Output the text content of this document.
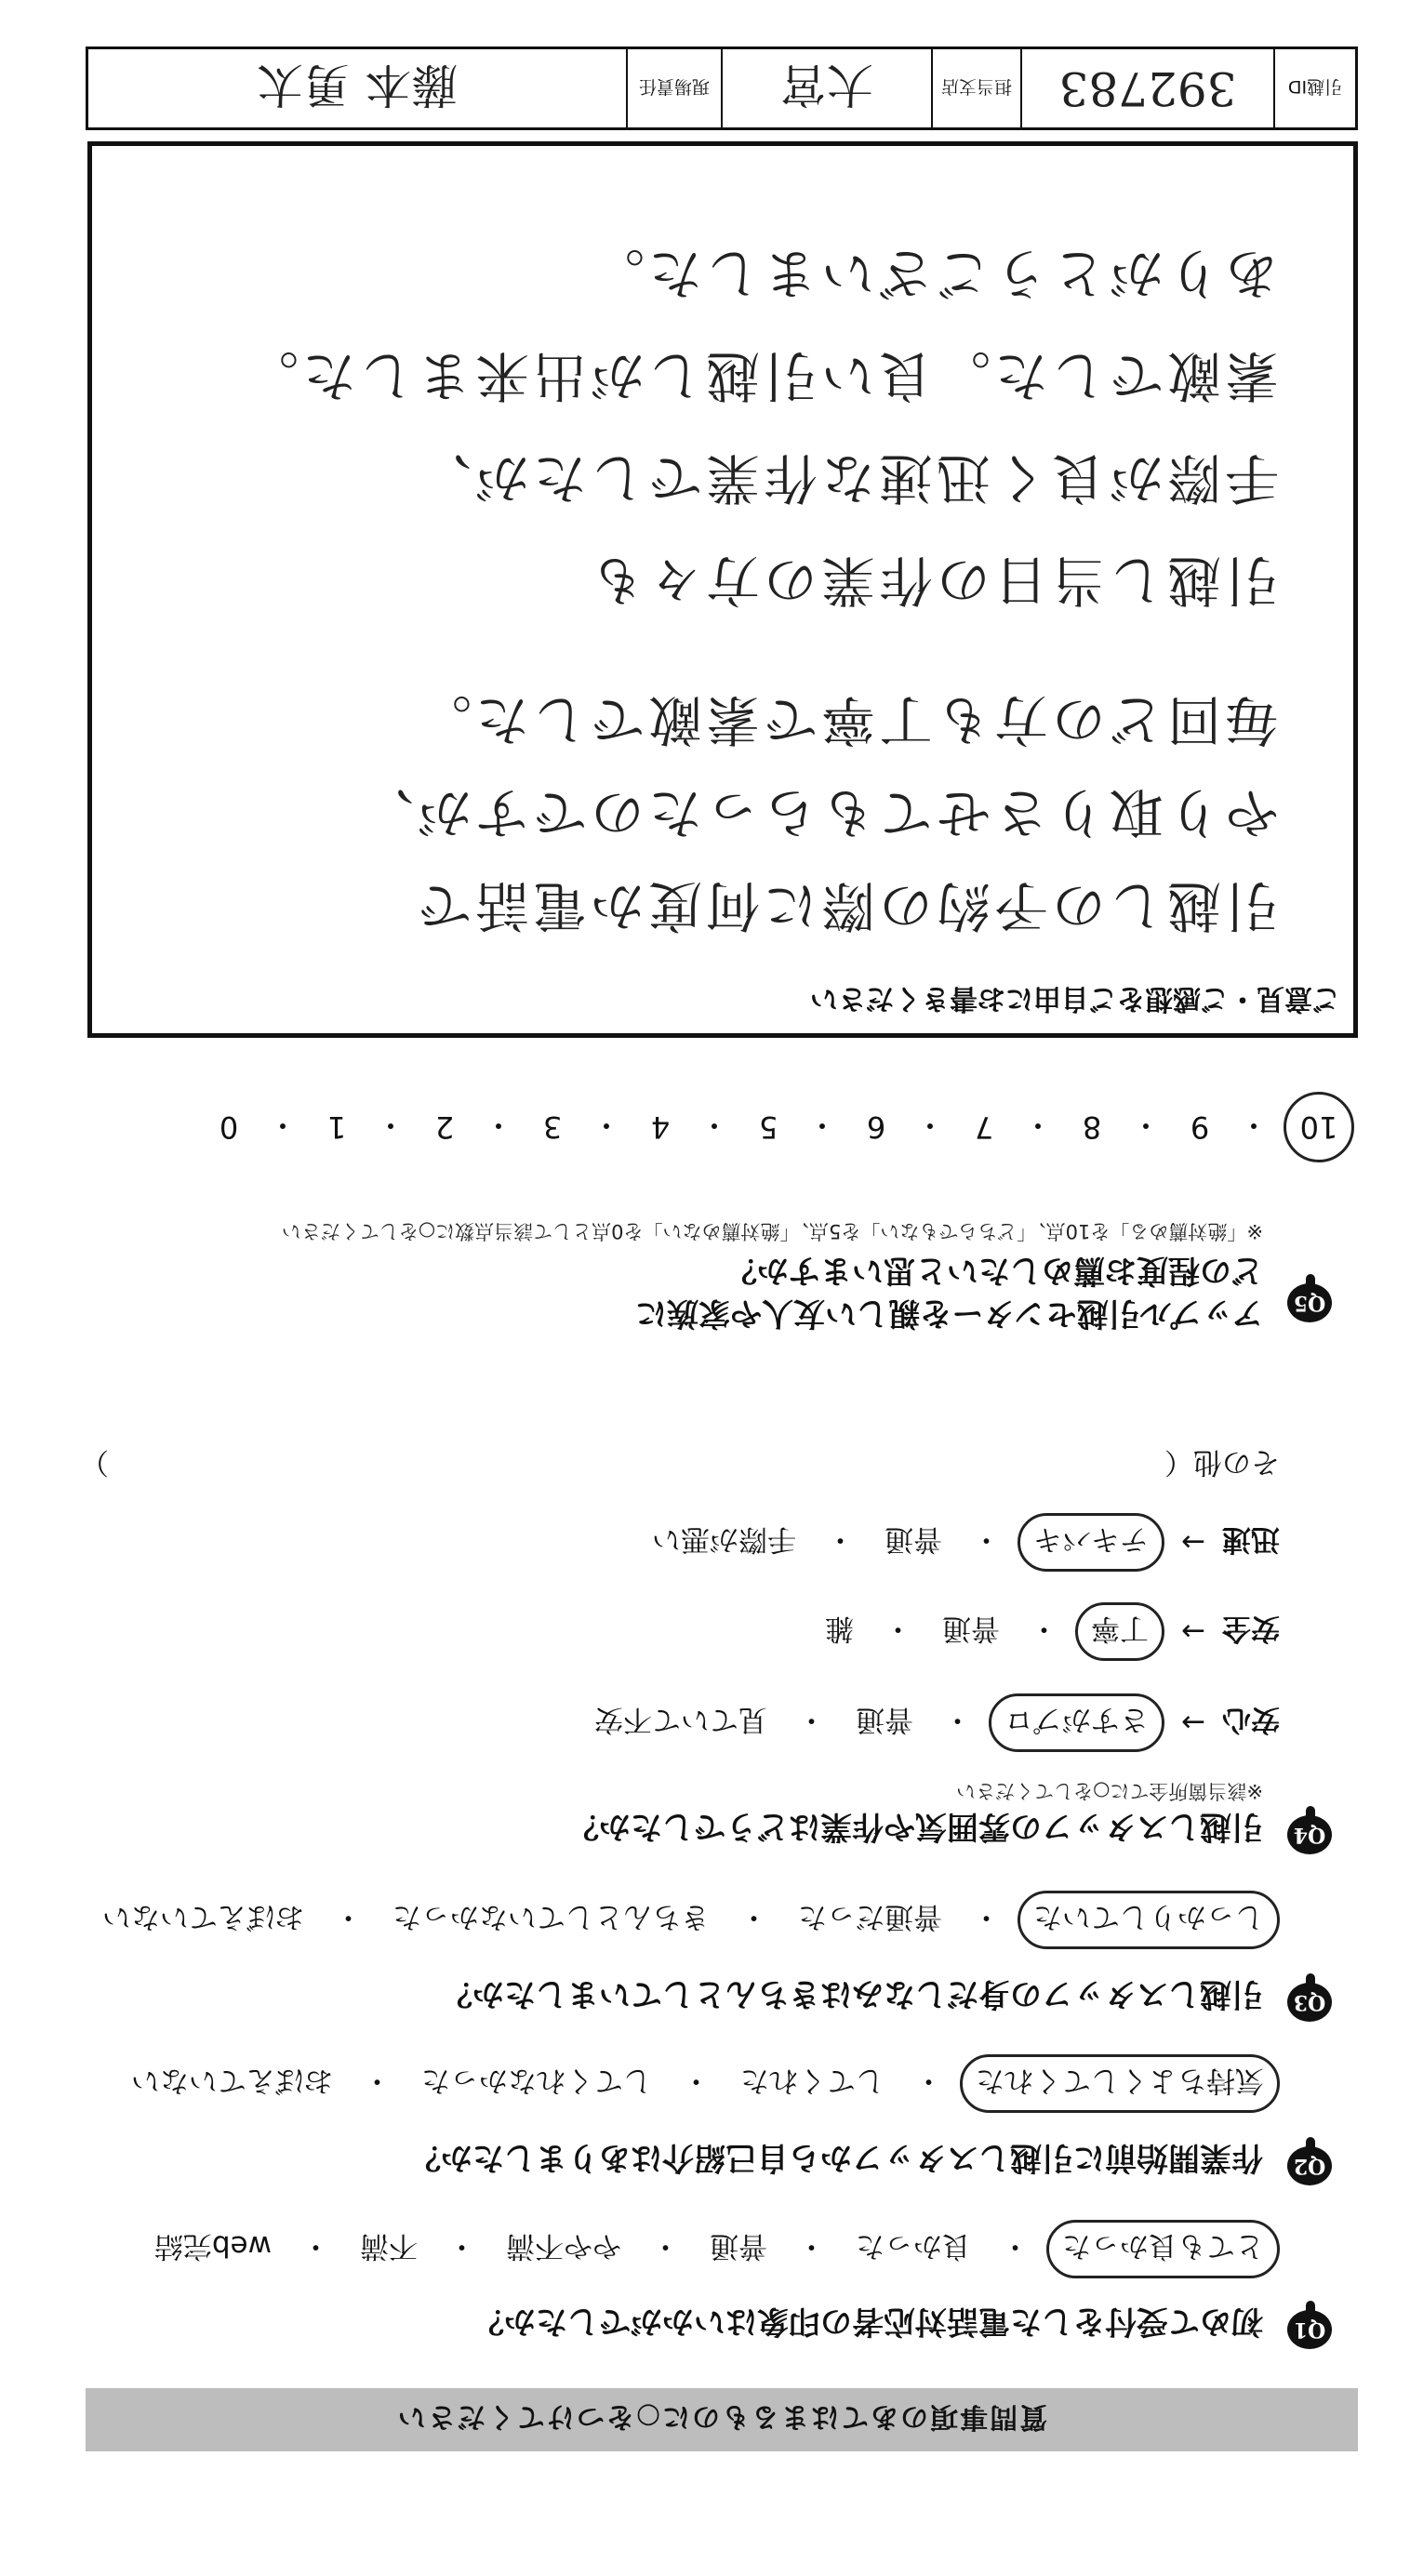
質問事項のあてはまるものに○をつけてください
Q1
初めて受付をした電話対応者の印象はいかがでしたか？
とても良かった
・
良かった
・
普通
・
やや不満
・
不満
・
web完結
Q2
作業開始前に引越しスタッフから自己紹介はありましたか？
気持ちよくしてくれた
・
してくれた
・
してくれなかった
・
おぼえていない
Q3
引越しスタッフの身だしなみはきちんとしていましたか？
しっかりしていた
・
普通だった
・
きちんとしていなかった
・
おぼえていない
Q4
引越しスタッフの雰囲気や作業はどうでしたか？
※該当箇所全てに○をしてください
安心
→
さすがプロ
・
普通
・
見ていて不安
安全
→
丁寧
・
普通
・
雑
迅速
→
テキパキ
・
普通
・
手際が悪い
その他（
）
Q5
アップル引越センターを親しい友人や家族に
どの程度お薦めしたいと思いますか？
※「絶対薦める」を10点、「どちらでもない」を5点、「絶対薦めない」を0点として該当点数に○をしてください
10
・
9
・
8
・
7
・
6
・
5
・
4
・
3
・
2
・
1
・
0
ご意見・ご感想をご自由にお書きください
引越しの予約の際に何度か電話で
やり取りさせてもらったのですが、
毎回どの方も丁寧で素敵でした。
引越し当日の作業の方々も
手際が良く迅速な作業でしたが、
素敵でした。良い引越しが出来ました。
ありがとうございました。
引越ID
392783
担当支店
大宮
現場責任
藤本 勇太
